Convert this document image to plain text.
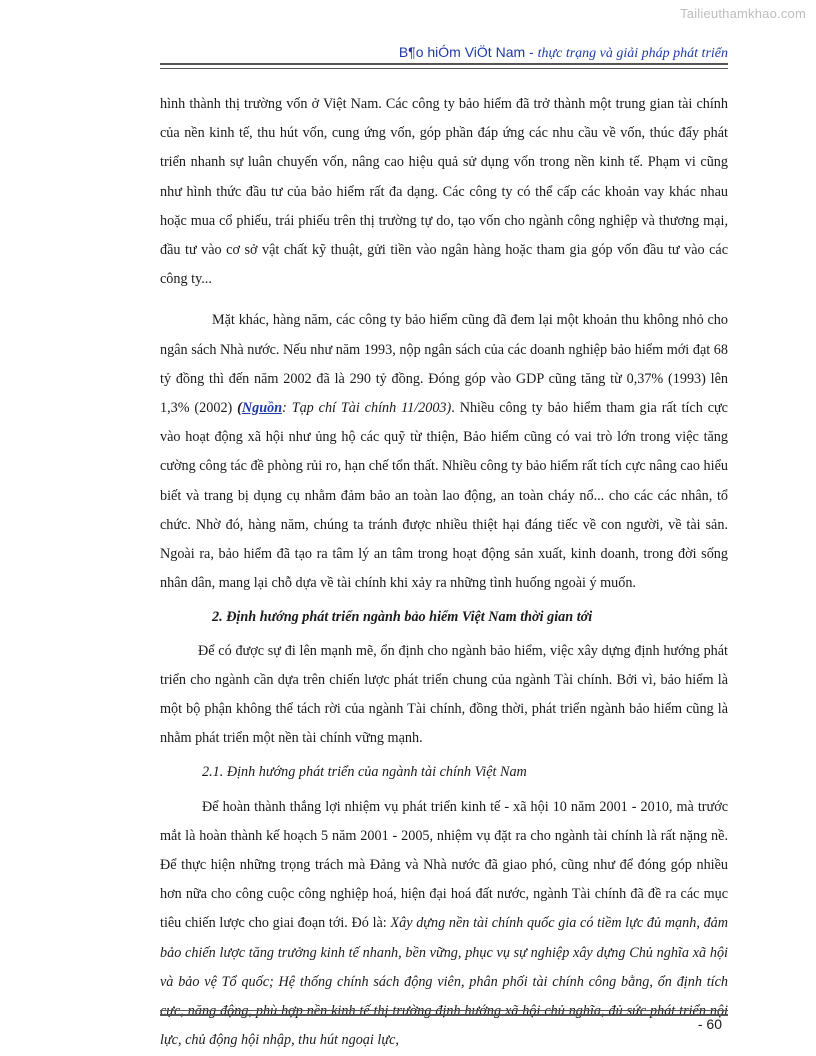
Tailieuthamkhao.com
B¶o hiÓm ViÖt Nam - thực trạng và giải pháp phát triển

hình thành thị trường vốn ở Việt Nam. Các công ty bảo hiểm đã trở thành một trung gian tài chính của nền kinh tế, thu hút vốn, cung ứng vốn, góp phần đáp ứng các nhu cầu về vốn, thúc đẩy phát triển nhanh sự luân chuyển vốn, nâng cao hiệu quả sử dụng vốn trong nền kinh tế. Phạm vi cũng như hình thức đầu tư của bảo hiểm rất đa dạng. Các công ty có thể cấp các khoản vay khác nhau hoặc mua cổ phiếu, trái phiếu trên thị trường tự do, tạo vốn cho ngành công nghiệp và thương mại, đầu tư vào cơ sở vật chất kỹ thuật, gửi tiền vào ngân hàng hoặc tham gia góp vốn đầu tư vào các công ty...

Mặt khác, hàng năm, các công ty bảo hiểm cũng đã đem lại một khoản thu không nhỏ cho ngân sách Nhà nước. Nếu như năm 1993, nộp ngân sách của các doanh nghiệp bảo hiểm mới đạt 68 tỷ đồng thì đến năm 2002 đã là 290 tỷ đồng. Đóng góp vào GDP cũng tăng từ 0,37% (1993) lên 1,3% (2002) (Nguồn: Tạp chí Tài chính 11/2003). Nhiều công ty bảo hiểm tham gia rất tích cực vào hoạt động xã hội như ủng hộ các quỹ từ thiện, Bảo hiểm cũng có vai trò lớn trong việc tăng cường công tác đề phòng rủi ro, hạn chế tổn thất. Nhiều công ty bảo hiểm rất tích cực nâng cao hiểu biết và trang bị dụng cụ nhằm đảm bảo an toàn lao động, an toàn cháy nổ... cho các các nhân, tổ chức. Nhờ đó, hàng năm, chúng ta tránh được nhiều thiệt hại đáng tiếc về con người, về tài sản. Ngoài ra, bảo hiểm đã tạo ra tâm lý an tâm trong hoạt động sản xuất, kinh doanh, trong đời sống nhân dân, mang lại chỗ dựa về tài chính khi xảy ra những tình huống ngoài ý muốn.

2. Định hướng phát triển ngành bảo hiểm Việt Nam thời gian tới

Để có được sự đi lên mạnh mẽ, ổn định cho ngành bảo hiểm, việc xây dựng định hướng phát triển cho ngành cần dựa trên chiến lược phát triển chung của ngành Tài chính. Bởi vì, bảo hiểm là một bộ phận không thể tách rời của ngành Tài chính, đồng thời, phát triển ngành bảo hiểm cũng là nhằm phát triển một nền tài chính vững mạnh.

2.1. Định hướng phát triển của ngành tài chính Việt Nam

Để hoàn thành thắng lợi nhiệm vụ phát triển kinh tế - xã hội 10 năm 2001 - 2010, mà trước mắt là hoàn thành kế hoạch 5 năm 2001 - 2005, nhiệm vụ đặt ra cho ngành tài chính là rất nặng nề. Để thực hiện những trọng trách mà Đảng và Nhà nước đã giao phó, cũng như để đóng góp nhiều hơn nữa cho công cuộc công nghiệp hoá, hiện đại hoá đất nước, ngành Tài chính đã đề ra các mục tiêu chiến lược cho giai đoạn tới. Đó là: Xây dựng nền tài chính quốc gia có tiềm lực đủ mạnh, đảm bảo chiến lược tăng trưởng kinh tế nhanh, bền vững, phục vụ sự nghiệp xây dựng Chủ nghĩa xã hội và bảo vệ Tổ quốc; Hệ thống chính sách động viên, phân phối tài chính công bằng, ổn định tích cực, năng động, phù hợp nền kinh tế thị trường định hướng xã hội chủ nghĩa, đủ sức phát triển nội lực, chủ động hội nhập, thu hút ngoại lực,

- 60
